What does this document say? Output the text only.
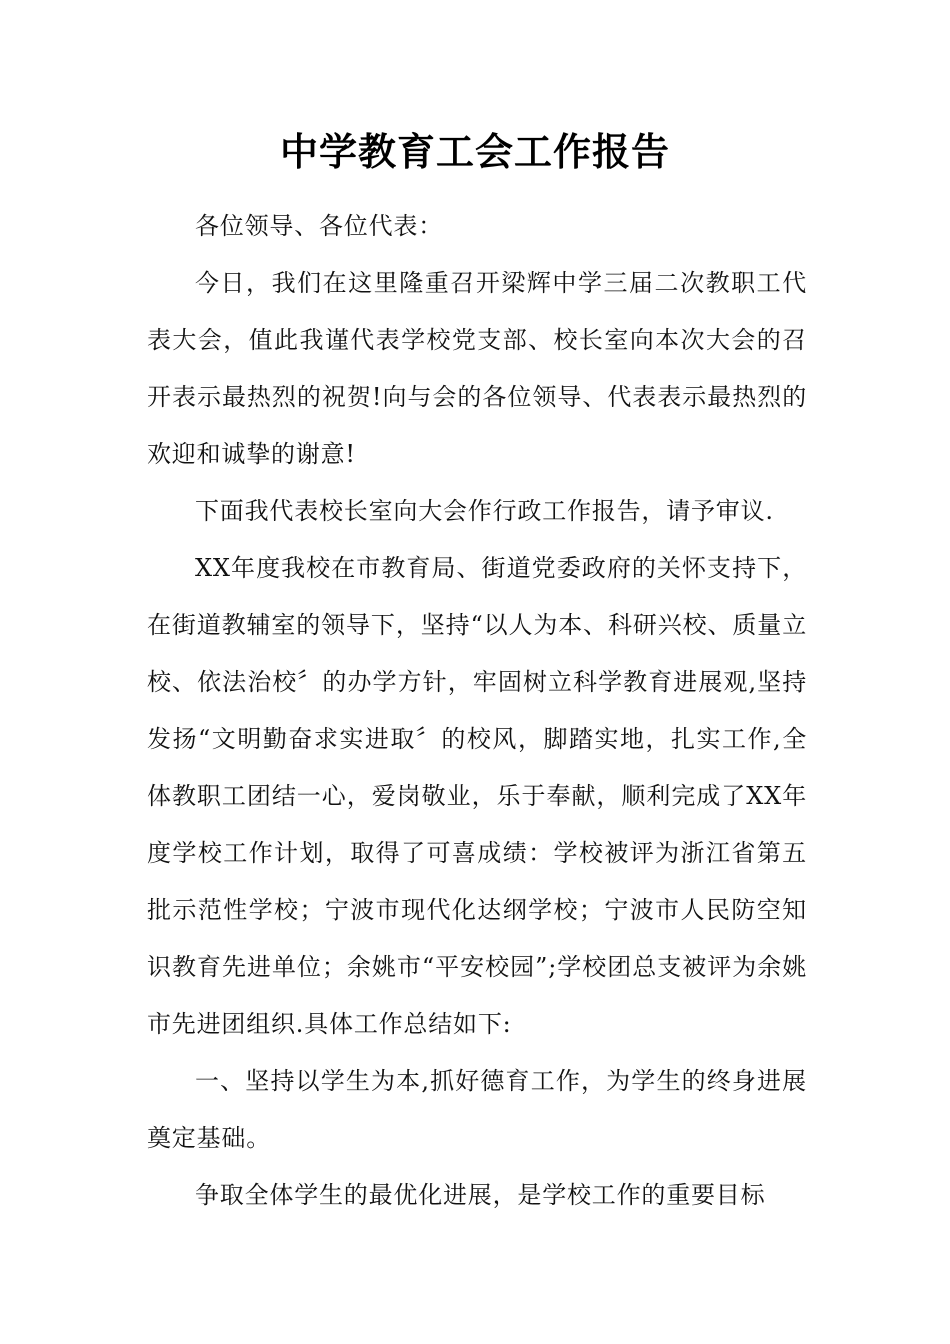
中学教育工会工作报告

各位领导、各位代表：

今日，我们在这里隆重召开梁辉中学三届二次教职工代表大会，值此我谨代表学校党支部、校长室向本次大会的召开表示最热烈的祝贺!向与会的各位领导、代表表示最热烈的欢迎和诚挚的谢意!

下面我代表校长室向大会作行政工作报告，请予审议.

XX年度我校在市教育局、街道党委政府的关怀支持下，在街道教辅室的领导下，坚持“以人为本、科研兴校、质量立校、依法治校〞的办学方针，牢固树立科学教育进展观,坚持发扬“文明勤奋求实进取〞的校风，脚踏实地，扎实工作,全体教职工团结一心，爱岗敬业，乐于奉献，顺利完成了XX年度学校工作计划，取得了可喜成绩：学校被评为浙江省第五批示范性学校；宁波市现代化达纲学校；宁波市人民防空知识教育先进单位；余姚市“平安校园”;学校团总支被评为余姚市先进团组织.具体工作总结如下:

一、坚持以学生为本,抓好德育工作，为学生的终身进展奠定基础。

争取全体学生的最优化进展，是学校工作的重要目标
